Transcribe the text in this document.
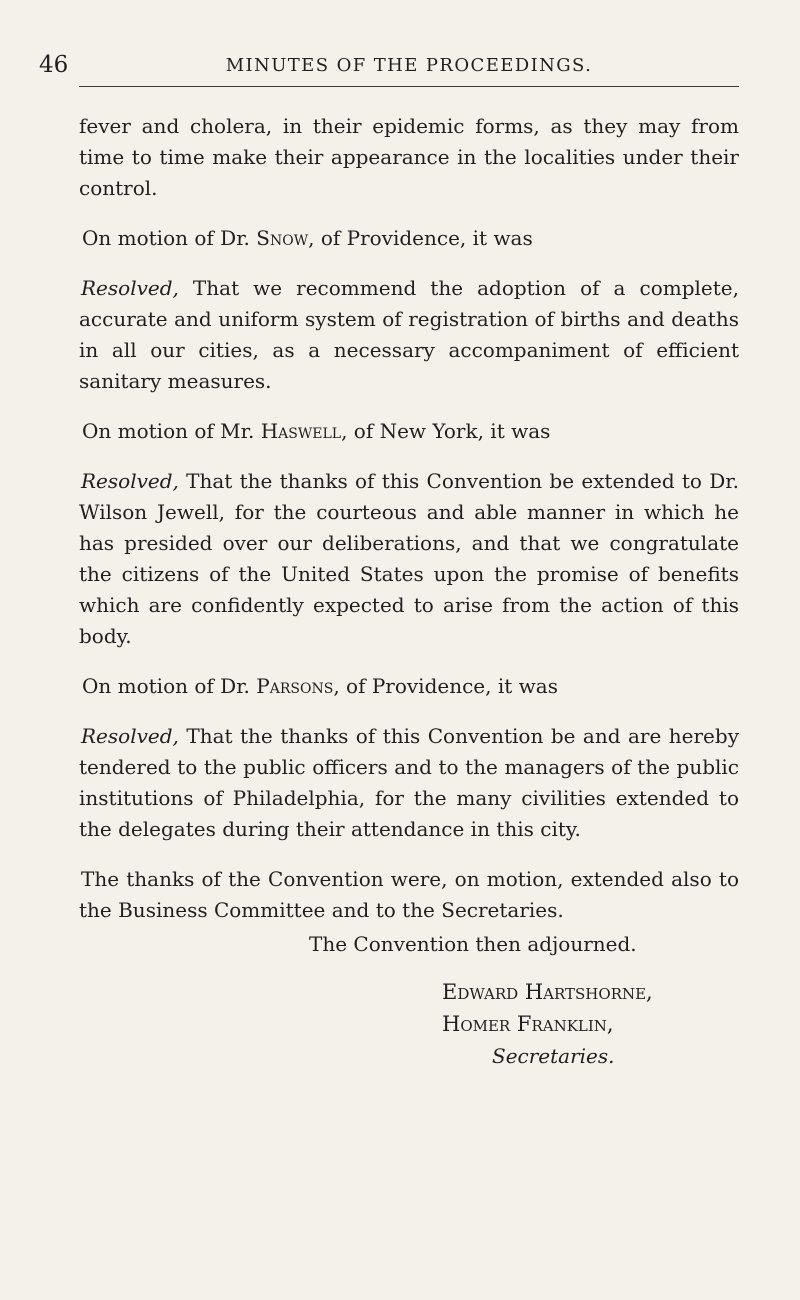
46	MINUTES OF THE PROCEEDINGS.

fever and cholera, in their epidemic forms, as they may from time to time make their appearance in the localities under their control.

On motion of Dr. Snow, of Providence, it was

Resolved, That we recommend the adoption of a complete, accurate and uniform system of registration of births and deaths in all our cities, as a necessary accompaniment of efficient sanitary measures.

On motion of Mr. Haswell, of New York, it was

Resolved, That the thanks of this Convention be extended to Dr. Wilson Jewell, for the courteous and able manner in which he has presided over our deliberations, and that we congratulate the citizens of the United States upon the promise of benefits which are confidently expected to arise from the action of this body.

On motion of Dr. Parsons, of Providence, it was

Resolved, That the thanks of this Convention be and are hereby tendered to the public officers and to the managers of the public institutions of Philadelphia, for the many civilities extended to the delegates during their attendance in this city.

The thanks of the Convention were, on motion, extended also to the Business Committee and to the Secretaries.

The Convention then adjourned.

Edward Hartshorne,
Homer Franklin,
Secretaries.
